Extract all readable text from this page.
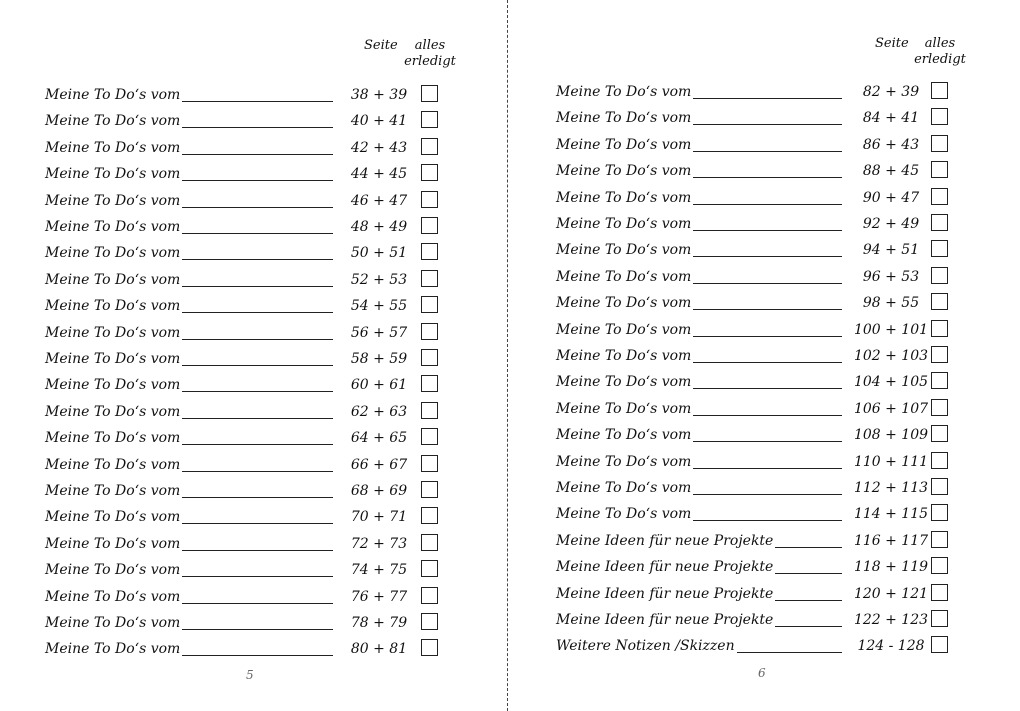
Seite	alles
erledigt
Meine To Do‘s vom	38 + 39
Meine To Do‘s vom	40 + 41
Meine To Do‘s vom	42 + 43
Meine To Do‘s vom	44 + 45
Meine To Do‘s vom	46 + 47
Meine To Do‘s vom	48 + 49
Meine To Do‘s vom	50 + 51
Meine To Do‘s vom	52 + 53
Meine To Do‘s vom	54 + 55
Meine To Do‘s vom	56 + 57
Meine To Do‘s vom	58 + 59
Meine To Do‘s vom	60 + 61
Meine To Do‘s vom	62 + 63
Meine To Do‘s vom	64 + 65
Meine To Do‘s vom	66 + 67
Meine To Do‘s vom	68 + 69
Meine To Do‘s vom	70 + 71
Meine To Do‘s vom	72 + 73
Meine To Do‘s vom	74 + 75
Meine To Do‘s vom	76 + 77
Meine To Do‘s vom	78 + 79
Meine To Do‘s vom	80 + 81
5
Seite	alles
erledigt
Meine To Do‘s vom	82 + 39
Meine To Do‘s vom	84 + 41
Meine To Do‘s vom	86 + 43
Meine To Do‘s vom	88 + 45
Meine To Do‘s vom	90 + 47
Meine To Do‘s vom	92 + 49
Meine To Do‘s vom	94 + 51
Meine To Do‘s vom	96 + 53
Meine To Do‘s vom	98 + 55
Meine To Do‘s vom	100 + 101
Meine To Do‘s vom	102 + 103
Meine To Do‘s vom	104 + 105
Meine To Do‘s vom	106 + 107
Meine To Do‘s vom	108 + 109
Meine To Do‘s vom	110 + 111
Meine To Do‘s vom	112 + 113
Meine To Do‘s vom	114 + 115
Meine Ideen für neue Projekte	116 + 117
Meine Ideen für neue Projekte	118 + 119
Meine Ideen für neue Projekte	120 + 121
Meine Ideen für neue Projekte	122 + 123
Weitere Notizen /Skizzen	124 - 128
6
